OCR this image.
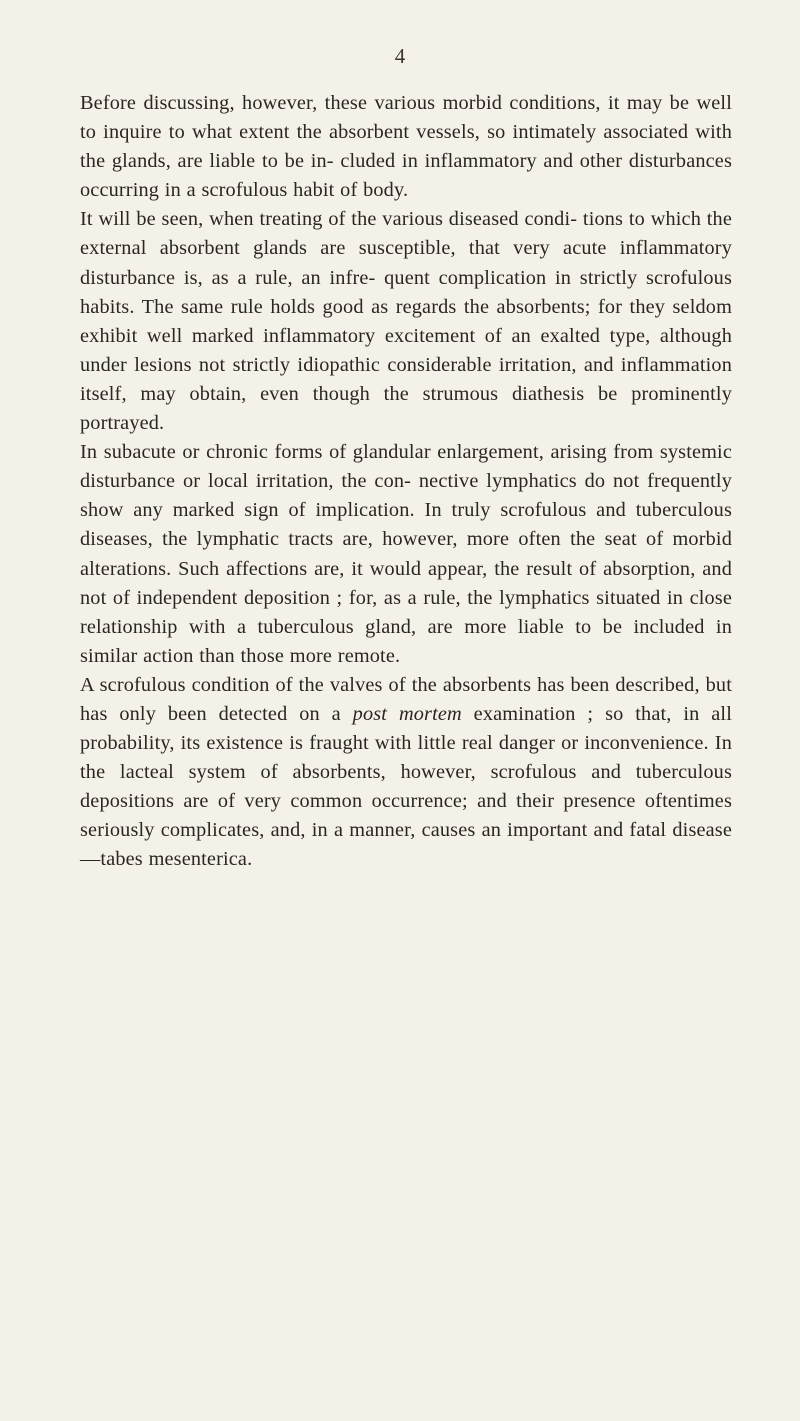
4

Before discussing, however, these various morbid conditions, it may be well to inquire to what extent the absorbent vessels, so intimately associated with the glands, are liable to be in- cluded in inflammatory and other disturbances occurring in a scrofulous habit of body.

It will be seen, when treating of the various diseased condi- tions to which the external absorbent glands are susceptible, that very acute inflammatory disturbance is, as a rule, an infre- quent complication in strictly scrofulous habits. The same rule holds good as regards the absorbents; for they seldom exhibit well marked inflammatory excitement of an exalted type, although under lesions not strictly idiopathic considerable irritation, and inflammation itself, may obtain, even though the strumous diathesis be prominently portrayed.

In subacute or chronic forms of glandular enlargement, arising from systemic disturbance or local irritation, the con- nective lymphatics do not frequently show any marked sign of implication. In truly scrofulous and tuberculous diseases, the lymphatic tracts are, however, more often the seat of morbid alterations. Such affections are, it would appear, the result of absorption, and not of independent deposition ; for, as a rule, the lymphatics situated in close relationship with a tuberculous gland, are more liable to be included in similar action than those more remote.

A scrofulous condition of the valves of the absorbents has been described, but has only been detected on a post mortem examination ; so that, in all probability, its existence is fraught with little real danger or inconvenience. In the lacteal system of absorbents, however, scrofulous and tuberculous depositions are of very common occurrence; and their presence oftentimes seriously complicates, and, in a manner, causes an important and fatal disease—tabes mesenterica.
